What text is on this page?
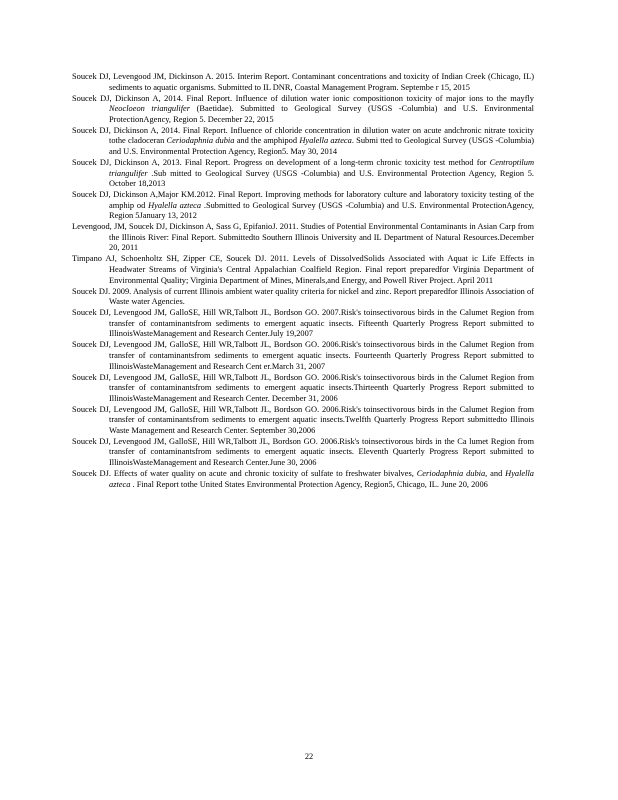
Soucek DJ, Levengood JM, Dickinson A. 2015. Interim Report. Contaminant concentrations and toxicity of Indian Creek (Chicago, IL) sediments to aquatic organisms. Submitted to IL DNR, Coastal Management Program. Septembe r 15, 2015

Soucek DJ, Dickinson A, 2014. Final Report. Influence of dilution water ionic compositionon toxicity of major ions to the mayfly Neocloeon triangulifer (Baetidae). Submitted to Geological Survey (USGS -Columbia) and U.S. Environmental ProtectionAgency, Region 5. December 22, 2015

Soucek DJ, Dickinson A, 2014. Final Report. Influence of chloride concentration in dilution water on acute andchronic nitrate toxicity tothe cladoceran Ceriodaphnia dubia and the amphipod Hyalella azteca. Submi tted to Geological Survey (USGS -Columbia) and U.S. Environmental Protection Agency, Region5. May 30, 2014

Soucek DJ, Dickinson A, 2013. Final Report. Progress on development of a long-term chronic toxicity test method for Centroptilum triangulifer .Sub mitted to Geological Survey (USGS -Columbia) and U.S. Environmental Protection Agency, Region 5. October 18,2013

Soucek DJ, Dickinson A,Major KM.2012. Final Report. Improving methods for laboratory culture and laboratory toxicity testing of the amphip od Hyalella azteca .Submitted to Geological Survey (USGS -Columbia) and U.S. Environmental ProtectionAgency, Region 5January 13, 2012

Levengood, JM, Soucek DJ, Dickinson A, Sass G, EpifanioJ. 2011. Studies of Potential Environmental Contaminants in Asian Carp from the Illinois River: Final Report. Submittedto Southern Illinois University and IL Department of Natural Resources.December 20, 2011

Timpano AJ, Schoenholtz SH, Zipper CE, Soucek DJ. 2011. Levels of DissolvedSolids Associated with Aquat ic Life Effects in Headwater Streams of Virginia's Central Appalachian Coalfield Region. Final report preparedfor Virginia Department of Environmental Quality; Virginia Department of Mines, Minerals,and Energy, and Powell River Project. April 2011

Soucek DJ. 2009. Analysis of current Illinois ambient water quality criteria for nickel and zinc. Report preparedfor Illinois Association of Waste water Agencies.

Soucek DJ, Levengood JM, GalloSE, Hill WR,Talbott JL, Bordson GO. 2007.Risk's toinsectivorous birds in the Calumet Region from transfer of contaminantsfrom sediments to emergent aquatic insects. Fifteenth Quarterly Progress Report submitted to IllinoisWasteManagement and Research Center.July 19,2007

Soucek DJ, Levengood JM, GalloSE, Hill WR,Talbott JL, Bordson GO. 2006.Risk's toinsectivorous birds in the Calumet Region from transfer of contaminantsfrom sediments to emergent aquatic insects. Fourteenth Quarterly Progress Report submitted to IllinoisWasteManagement and Research Cent er.March 31, 2007

Soucek DJ, Levengood JM, GalloSE, Hill WR,Talbott JL, Bordson GO. 2006.Risk's toinsectivorous birds in the Calumet Region from transfer of contaminantsfrom sediments to emergent aquatic insects.Thirteenth Quarterly Progress Report submitted to IllinoisWasteManagement and Research Center. December 31, 2006

Soucek DJ, Levengood JM, GalloSE, Hill WR,Talbott JL, Bordson GO. 2006.Risk's toinsectivorous birds in the Calumet Region from transfer of contaminantsfrom sediments to emergent aquatic insects.Twelfth Quarterly Progress Report submittedto Illinois Waste Management and Research Center. September 30,2006

Soucek DJ, Levengood JM, GalloSE, Hill WR,Talbott JL, Bordson GO. 2006.Risk's toinsectivorous birds in the Ca lumet Region from transfer of contaminantsfrom sediments to emergent aquatic insects. Eleventh Quarterly Progress Report submitted to IllinoisWasteManagement and Research Center.June 30, 2006

Soucek DJ. Effects of water quality on acute and chronic toxicity of sulfate to freshwater bivalves, Ceriodaphnia dubia, and Hyalella azteca . Final Report tothe United States Environmental Protection Agency, Region5, Chicago, IL. June 20, 2006

22
